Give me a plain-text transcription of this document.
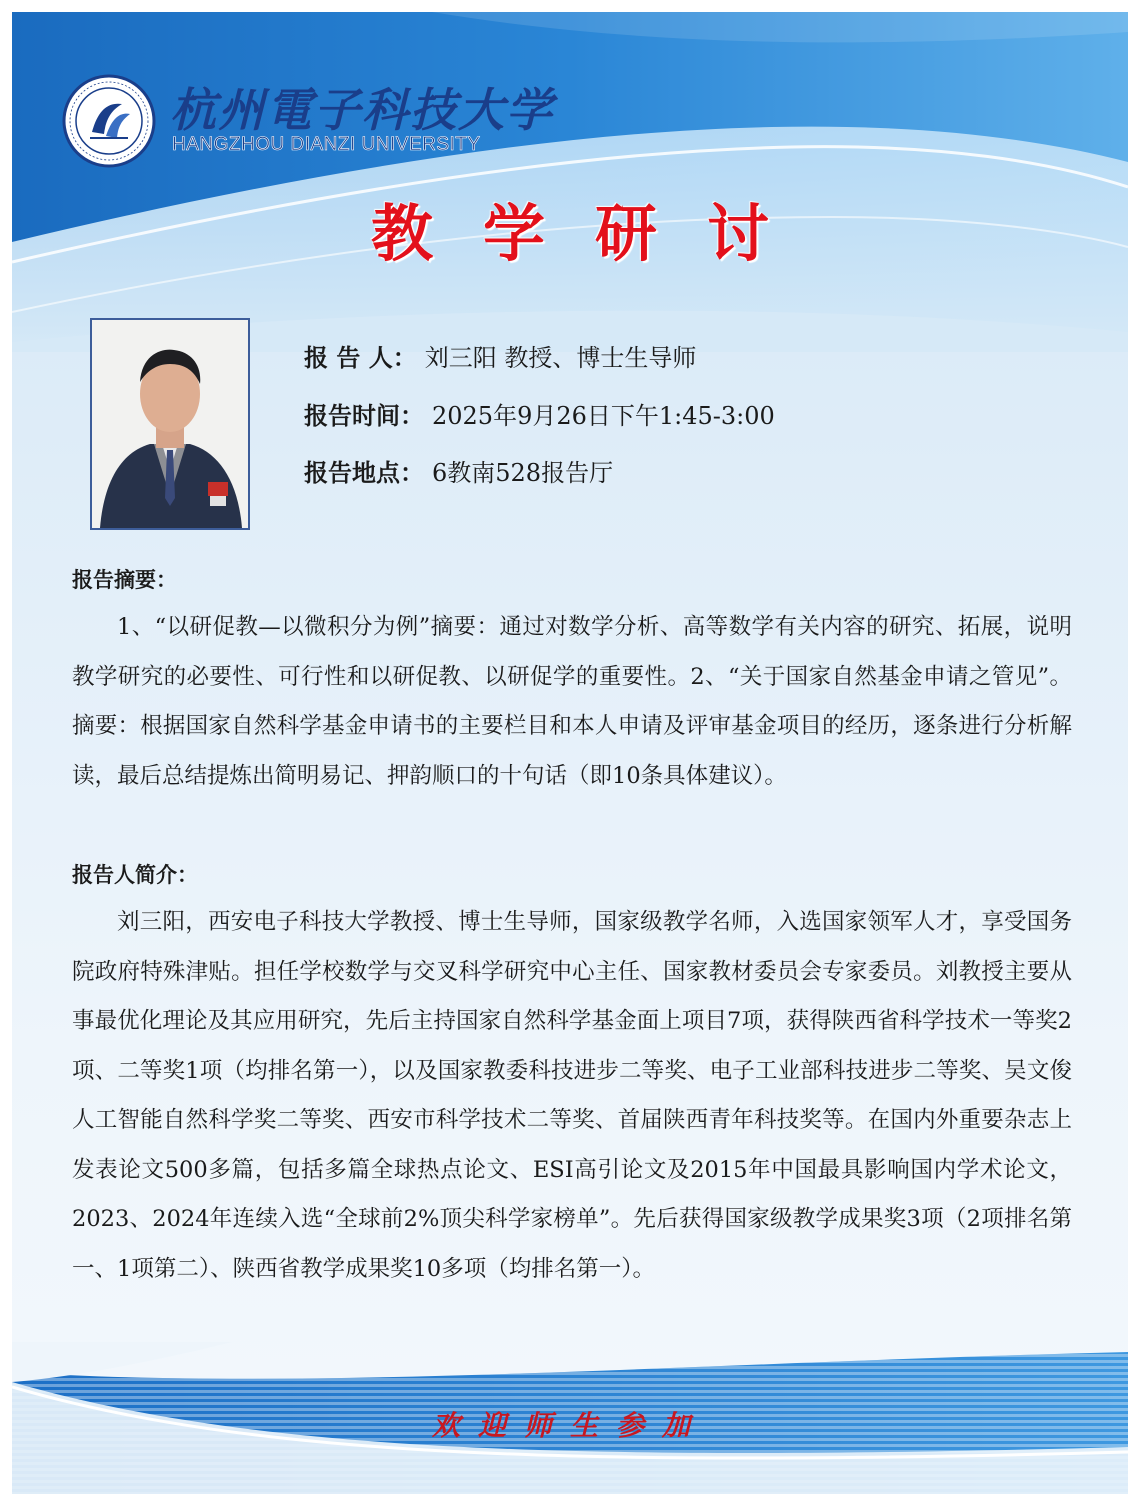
杭州電子科技大学
HANGZHOU DIANZI UNIVERSITY
教学研讨
报 告 人： 刘三阳 教授、博士生导师
报告时间： 2025年9月26日下午1:45-3:00
报告地点： 6教南528报告厅
报告摘要：

1、“以研促教—以微积分为例”摘要：通过对数学分析、高等数学有关内容的研究、拓展，说明教学研究的必要性、可行性和以研促教、以研促学的重要性。2、“关于国家自然基金申请之管见”。摘要：根据国家自然科学基金申请书的主要栏目和本人申请及评审基金项目的经历，逐条进行分析解读，最后总结提炼出简明易记、押韵顺口的十句话（即10条具体建议）。

报告人简介：

刘三阳，西安电子科技大学教授、博士生导师，国家级教学名师，入选国家领军人才，享受国务院政府特殊津贴。担任学校数学与交叉科学研究中心主任、国家教材委员会专家委员。刘教授主要从事最优化理论及其应用研究，先后主持国家自然科学基金面上项目7项，获得陕西省科学技术一等奖2项、二等奖1项（均排名第一），以及国家教委科技进步二等奖、电子工业部科技进步二等奖、吴文俊人工智能自然科学奖二等奖、西安市科学技术二等奖、首届陕西青年科技奖等。在国内外重要杂志上发表论文500多篇，包括多篇全球热点论文、ESI高引论文及2015年中国最具影响国内学术论文，2023、2024年连续入选“全球前2%顶尖科学家榜单”。先后获得国家级教学成果奖3项（2项排名第一、1项第二）、陕西省教学成果奖10多项（均排名第一）。

欢迎师生参加
